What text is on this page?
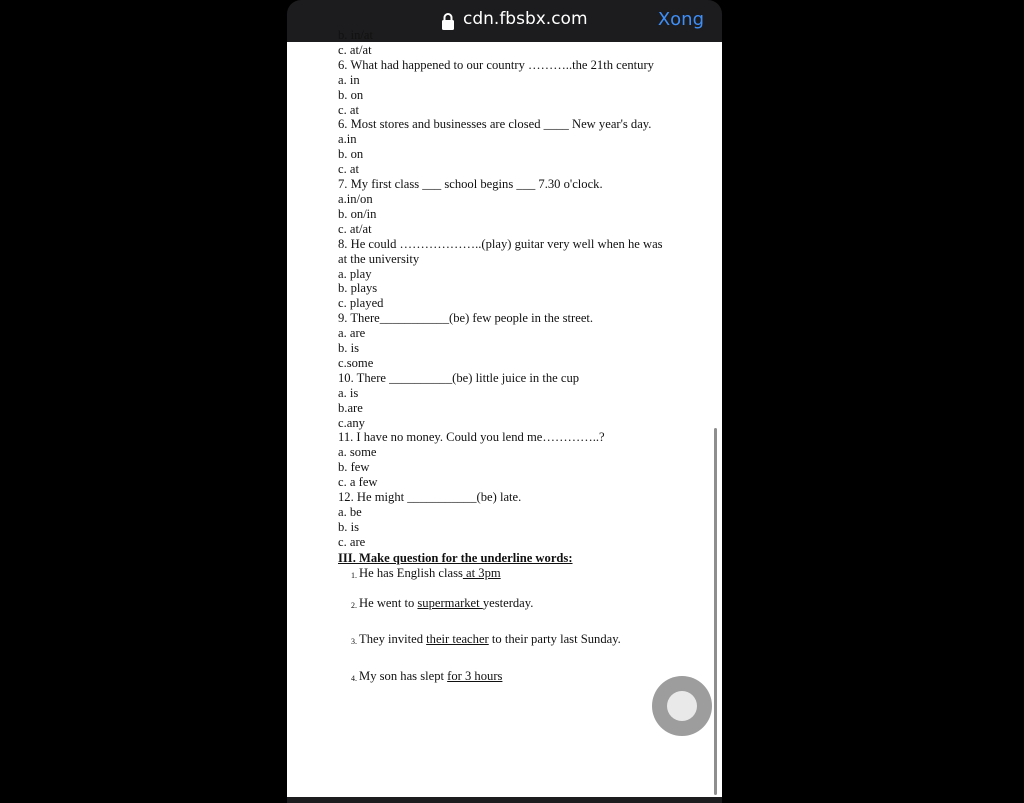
cdn.fbsbx.com	Xong
b. in/at
c. at/at
6. What had happened to our country ………..the 21th century
a. in
b. on
c. at
6. Most stores and businesses are closed ____ New year's day.
a.in
b. on
c. at
7. My first class ___ school begins ___ 7.30 o'clock.
a.in/on
b. on/in
c. at/at
8. He could ………………..(play) guitar very well when he was at the university
a. play
b. plays
c. played
9. There___________(be) few people in the street.
a. are
b. is
c.some
10. There __________(be) little juice in the cup
a. is
b.are
c.any
11. I have no money. Could you lend me…………..?
a. some
b. few
c. a few
12. He might ___________(be) late.
a. be
b. is
c. are
III. Make question for the underline words:
1. He has English class at 3pm
2. He went to supermarket yesterday.
3. They invited their teacher to their party last Sunday.
4. My son has slept for 3 hours
